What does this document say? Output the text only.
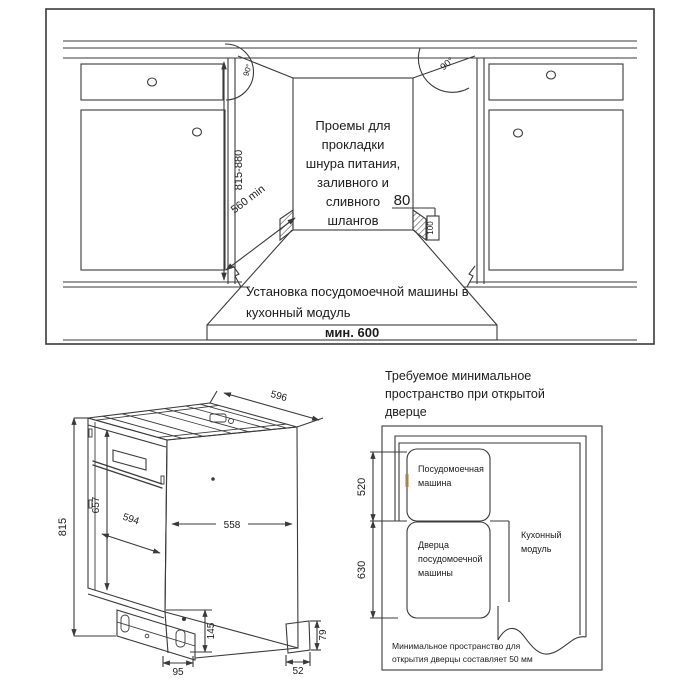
Проемы для
прокладки
шнура питания,
заливного и
сливного
шлангов
Установка посудомоечной машины в
кухонный модуль
815-880
560 min	80
100
мин. 600
90°	90°
815
657
594
596
558
145
95	52
79
Требуемое минимальное
пространство при открытой
дверце
520
630
Посудомоечная
машина
Дверца
посудомоечной
машины
Кухонный
модуль
Минимальное пространство для
открытия дверцы составляет 50 мм
